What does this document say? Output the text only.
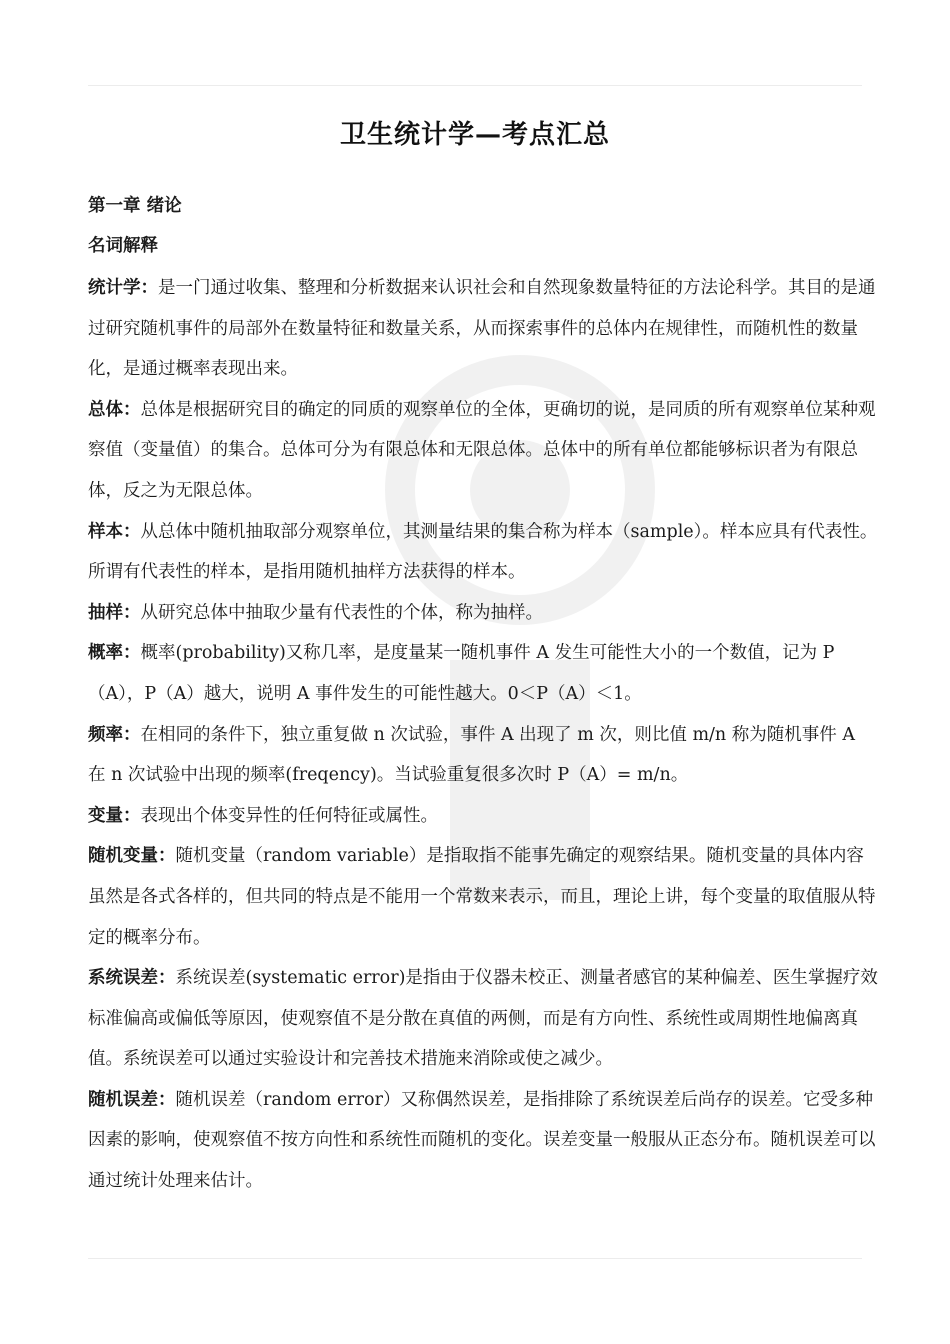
卫生统计学—考点汇总
第一章 绪论
名词解释

统计学：是一门通过收集、整理和分析数据来认识社会和自然现象数量特征的方法论科学。其目的是通过研究随机事件的局部外在数量特征和数量关系，从而探索事件的总体内在规律性，而随机性的数量化，是通过概率表现出来。

总体：总体是根据研究目的确定的同质的观察单位的全体，更确切的说，是同质的所有观察单位某种观察值（变量值）的集合。总体可分为有限总体和无限总体。总体中的所有单位都能够标识者为有限总体，反之为无限总体。

样本：从总体中随机抽取部分观察单位，其测量结果的集合称为样本（sample）。样本应具有代表性。所谓有代表性的样本，是指用随机抽样方法获得的样本。

抽样：从研究总体中抽取少量有代表性的个体，称为抽样。

概率：概率(probability)又称几率，是度量某一随机事件 A 发生可能性大小的一个数值，记为 P（A），P（A）越大，说明 A 事件发生的可能性越大。0＜P（A）＜1。

频率：在相同的条件下，独立重复做 n 次试验，事件 A 出现了 m 次，则比值 m/n 称为随机事件 A 在 n 次试验中出现的频率(freqency)。当试验重复很多次时 P（A）= m/n。

变量：表现出个体变异性的任何特征或属性。

随机变量：随机变量（random variable）是指取指不能事先确定的观察结果。随机变量的具体内容虽然是各式各样的，但共同的特点是不能用一个常数来表示，而且，理论上讲，每个变量的取值服从特定的概率分布。

系统误差：系统误差(systematic error)是指由于仪器未校正、测量者感官的某种偏差、医生掌握疗效标准偏高或偏低等原因，使观察值不是分散在真值的两侧，而是有方向性、系统性或周期性地偏离真值。系统误差可以通过实验设计和完善技术措施来消除或使之减少。

随机误差：随机误差（random error）又称偶然误差，是指排除了系统误差后尚存的误差。它受多种因素的影响，使观察值不按方向性和系统性而随机的变化。误差变量一般服从正态分布。随机误差可以通过统计处理来估计。
